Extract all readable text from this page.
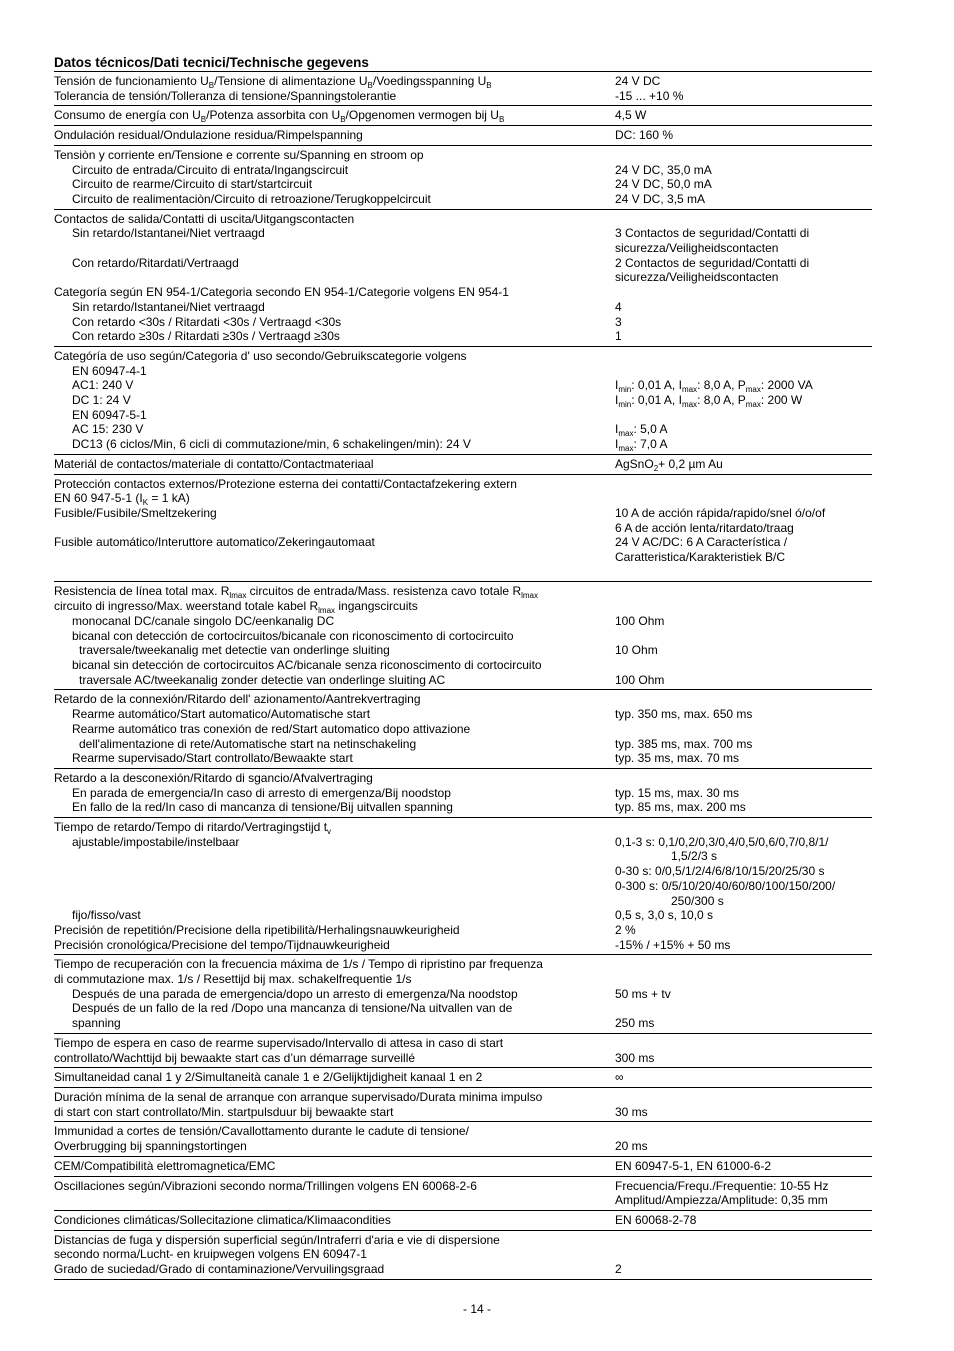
Datos técnicos/Dati tecnici/Technische gegevens
Tensión de funcionamiento $U_B$/Tensione di alimentazione $U_B$/Voedingsspanning $U_B$	24 V DC
Tolerancia de tensión/Tolleranza di tensione/Spanningstolerantie	-15 ... +10 %
Consumo de energía con $U_B$/Potenza assorbita con $U_B$/Opgenomen vermogen bij $U_B$	4,5 W
Ondulación residual/Ondulazione residua/Rimpelspanning	DC: 160 %
Tensiòn y corriente en/Tensione e corrente su/Spanning en stroom op
Circuito de entrada/Circuito di entrata/Ingangscircuit	24 V DC, 35,0 mA
Circuito de rearme/Circuito di start/startcircuit	24 V DC, 50,0 mA
Circuito de realimentaciòn/Circuito di retroazione/Terugkoppelcircuit	24 V DC, 3,5 mA
Contactos de salida/Contatti di uscita/Uitgangscontacten
Sin retardo/Istantanei/Niet vertraagd	3 Contactos de seguridad/Contatti di
sicurezza/Veiligheidscontacten
Con retardo/Ritardati/Vertraagd	2 Contactos de seguridad/Contatti di
sicurezza/Veiligheidscontacten
Categoría según EN 954-1/Categoria secondo EN 954-1/Categorie volgens EN 954-1
Sin retardo/Istantanei/Niet vertraagd	4
Con retardo <30s / Ritardati <30s / Vertraagd <30s	3
Con retardo ≥30s / Ritardati ≥30s / Vertraagd ≥30s	1
Categóría de uso según/Categoria d' uso secondo/Gebruikscategorie volgens
EN 60947-4-1
AC1: 240 V	$I_{min}$: 0,01 A, $I_{max}$: 8,0 A, $P_{max}$: 2000 VA
DC 1: 24 V	$I_{min}$: 0,01 A, $I_{max}$: 8,0 A, $P_{max}$: 200 W
EN 60947-5-1
AC 15: 230 V	$I_{max}$: 5,0 A
DC13 (6 ciclos/Min, 6 cicli di commutazione/min, 6 schakelingen/min): 24 V	$I_{max}$: 7,0 A
Materiál de contactos/materiale di contatto/Contactmateriaal	AgSnO$_2$+ 0,2 µm Au
Protección contactos externos/Protezione esterna dei contatti/Contactafzekering extern
EN 60 947-5-1 ($I_K = 1$ kA)
Fusible/Fusibile/Smeltzekering	10 A de acción rápida/rapido/snel ó/o/of
6 A de acción lenta/ritardato/traag
Fusible automático/Interuttore automatico/Zekeringautomaat	24 V AC/DC: 6 A Característica /
Caratteristica/Karakteristiek B/C
Resistencia de línea total max. $R_{lmax}$ circuitos de entrada/Mass. resistenza cavo totale $R_{lmax}$
circuito di ingresso/Max. weerstand totale kabel $R_{lmax}$ ingangscircuits
monocanal DC/canale singolo DC/eenkanalig DC	100 Ohm
bicanal con detección de cortocircuitos/bicanale con riconoscimento di cortocircuito
traversale/tweekanalig met detectie van onderlinge sluiting	10 Ohm
bicanal sin detección de cortocircuitos AC/bicanale senza riconoscimento di cortocircuito
traversale AC/tweekanalig zonder detectie van onderlinge sluiting AC	100 Ohm
Retardo de la connexión/Ritardo dell' azionamento/Aantrekvertraging
Rearme automático/Start automatico/Automatische start	typ. 350 ms, max. 650 ms
Rearme automático tras conexión de red/Start automatico dopo attivazione
dell'alimentazione di rete/Automatische start na netinschakeling	typ. 385 ms, max. 700 ms
Rearme supervisado/Start controllato/Bewaakte start	typ. 35 ms, max. 70 ms
Retardo a la desconexión/Ritardo di sgancio/Afvalvertraging
En parada de emergencia/In caso di arresto di emergenza/Bij noodstop	typ. 15 ms, max. 30 ms
En fallo de la red/In caso di mancanza di tensione/Bij uitvallen spanning	typ. 85 ms, max. 200 ms
Tiempo de retardo/Tempo di ritardo/Vertragingstijd $t_v$
ajustable/impostabile/instelbaar	0,1-3 s: 0,1/0,2/0,3/0,4/0,5/0,6/0,7/0,8/1/
1,5/2/3 s
0-30 s: 0/0,5/1/2/4/6/8/10/15/20/25/30 s
0-300 s: 0/5/10/20/40/60/80/100/150/200/
250/300 s
fijo/fisso/vast	0,5 s, 3,0 s, 10,0 s
Precisión de repetitión/Precisione della ripetibilità/Herhalingsnauwkeurigheid	2 %
Precisión cronológica/Precisione del tempo/Tijdnauwkeurigheid	-15% / +15% + 50 ms
Tiempo de recuperación con la frecuencia máxima de 1/s / Tempo di ripristino par frequenza
di commutazione max. 1/s / Resettijd bij max. schakelfrequentie 1/s
Después de una parada de emergencia/dopo un arresto di emergenza/Na noodstop	50 ms + tv
Después de un fallo de la red /Dopo una mancanza di tensione/Na uitvallen van de
spanning	250 ms
Tiempo de espera en caso de rearme supervisado/Intervallo di attesa in caso di start
controllato/Wachttijd bij bewaakte start cas d’un démarrage surveillé	300 ms
Simultaneidad canal 1 y 2/Simultaneità canale 1 e 2/Gelijktijdigheit kanaal 1 en 2	∞
Duración mínima de la senal de arranque con arranque supervisado/Durata minima impulso
di start con start controllato/Min. startpulsduur bij bewaakte start	30 ms
Immunidad a cortes de tensión/Cavallottamento durante le cadute di tensione/
Overbrugging bij spanningstortingen	20 ms
CEM/Compatibilità elettromagnetica/EMC	EN 60947-5-1, EN 61000-6-2
Oscillaciones según/Vibrazioni secondo norma/Trillingen volgens EN 60068-2-6	Frecuencia/Frequ./Frequentie: 10-55 Hz
Amplitud/Ampiezza/Amplitude: 0,35 mm
Condiciones climáticas/Sollecitazione climatica/Klimaacondities	EN 60068-2-78
Distancias de fuga y dispersión superficial según/Intraferri d'aria e vie di dispersione
secondo norma/Lucht- en kruipwegen volgens EN 60947-1
Grado de suciedad/Grado di contaminazione/Vervuilingsgraad	2
- 14 -
